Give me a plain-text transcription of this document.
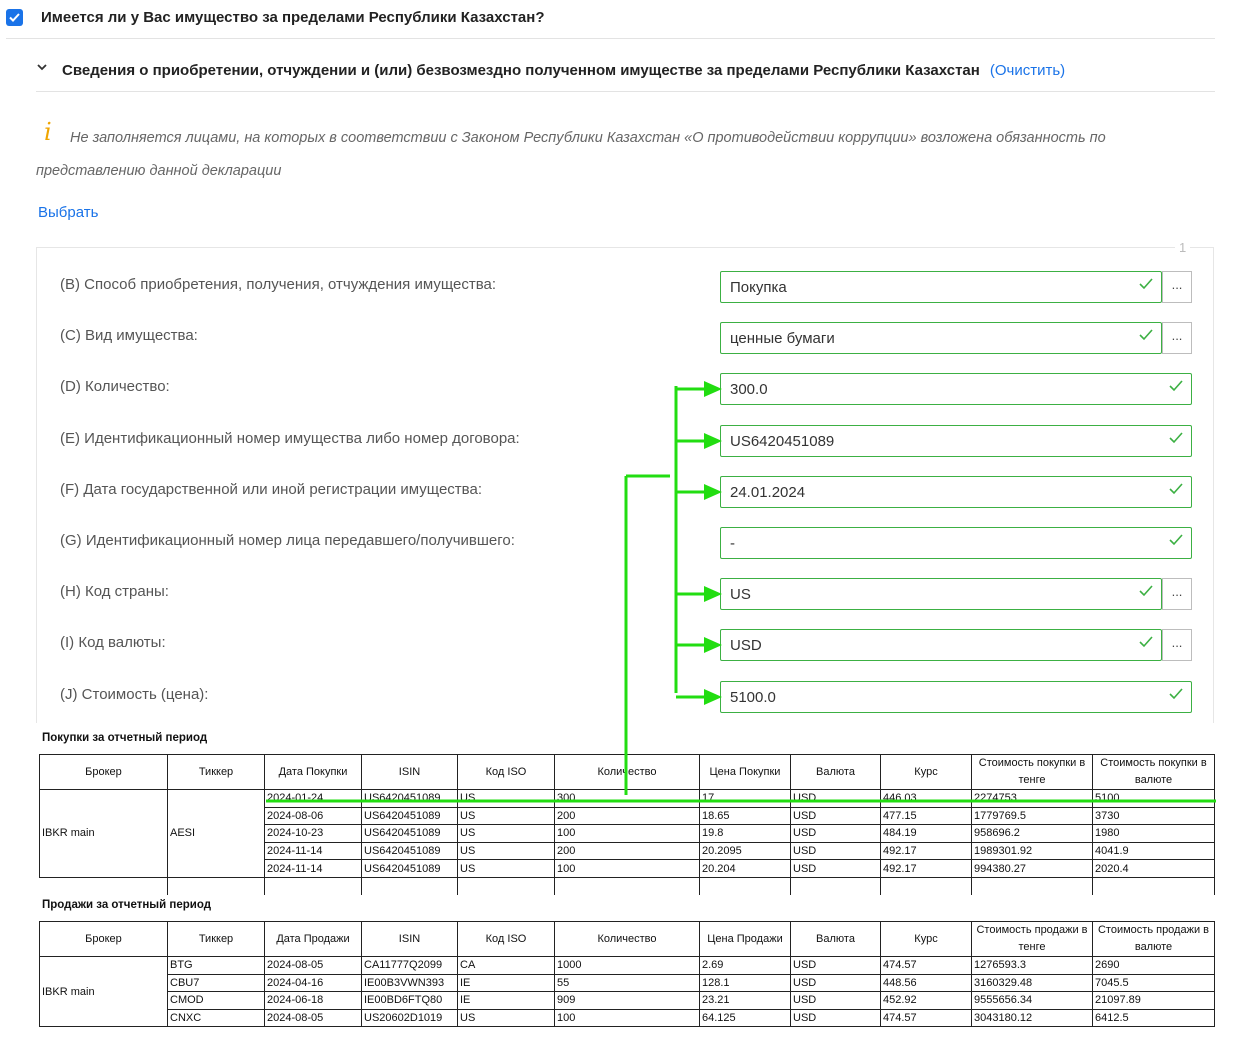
Имеется ли у Вас имущество за пределами Республики Казахстан?
Сведения о приобретении, отчуждении и (или) безвозмездно полученном имуществе за пределами Республики Казахстан (Очистить)
i	Не заполняется лицами, на которых в соответствии с Законом Республики Казахстан «О противодействии коррупции» возложена обязанность по представлению данной декларации
Выбрать
1
(B) Способ приобретения, получения, отчуждения имущества:	Покупка	...
(C) Вид имущества:	ценные бумаги	...
(D) Количество:	300.0
(E) Идентификационный номер имущества либо номер договора:	US6420451089
(F) Дата государственной или иной регистрации имущества:	24.01.2024
(G) Идентификационный номер лица передавшего/получившего:	-
(H) Код страны:	US	...
(I) Код валюты:	USD	...
(J) Стоимость (цена):	5100.0
Покупки за отчетный период
Брокер	Тиккер	Дата Покупки	ISIN	Код ISO	Количество	Цена Покупки	Валюта	Курс	Стоимость покупки в тенге	Стоимость покупки в валюте
IBKR main	AESI	2024-01-24	US6420451089	US	300	17	USD	446.03	2274753	5100
		2024-08-06	US6420451089	US	200	18.65	USD	477.15	1779769.5	3730
		2024-10-23	US6420451089	US	100	19.8	USD	484.19	958696.2	1980
		2024-11-14	US6420451089	US	200	20.2095	USD	492.17	1989301.92	4041.9
		2024-11-14	US6420451089	US	100	20.204	USD	492.17	994380.27	2020.4

Продажи за отчетный период
Брокер	Тиккер	Дата Продажи	ISIN	Код ISO	Количество	Цена Продажи	Валюта	Курс	Стоимость продажи в тенге	Стоимость продажи в валюте
IBKR main	BTG	2024-08-05	CA11777Q2099	CA	1000	2.69	USD	474.57	1276593.3	2690
	CBU7	2024-04-16	IE00B3VWN393	IE	55	128.1	USD	448.56	3160329.48	7045.5
	CMOD	2024-06-18	IE00BD6FTQ80	IE	909	23.21	USD	452.92	9555656.34	21097.89
	CNXC	2024-08-05	US20602D1019	US	100	64.125	USD	474.57	3043180.12	6412.5
